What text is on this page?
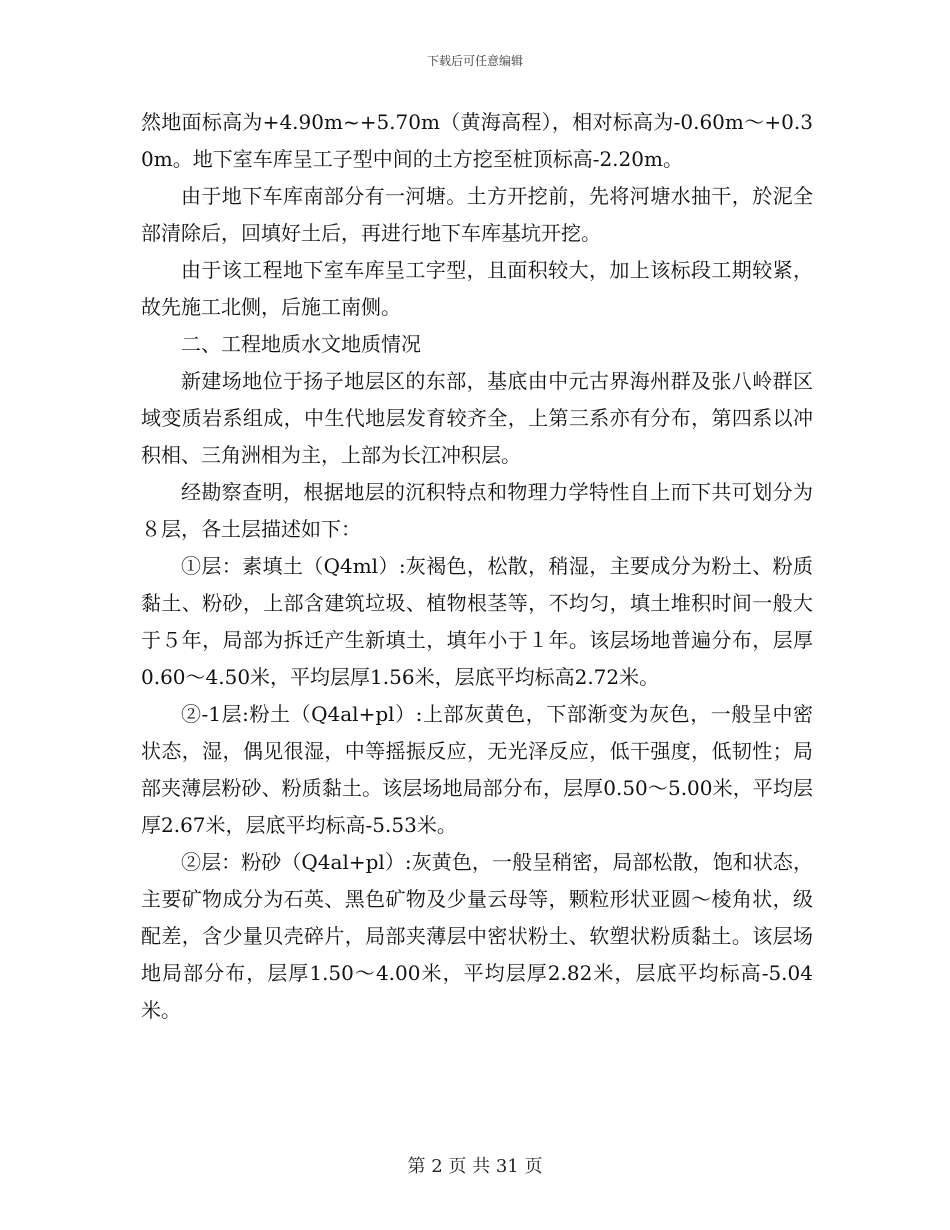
下载后可任意编辑

然地面标高为+4.90m~+5.70m（黄海高程），相对标高为-0.60m～+0.30m。地下室车库呈工子型中间的土方挖至桩顶标高-2.20m。

由于地下车库南部分有一河塘。土方开挖前，先将河塘水抽干，於泥全部清除后，回填好土后，再进行地下车库基坑开挖。

由于该工程地下室车库呈工字型，且面积较大，加上该标段工期较紧，故先施工北侧，后施工南侧。

二、工程地质水文地质情况

新建场地位于扬子地层区的东部，基底由中元古界海州群及张八岭群区域变质岩系组成，中生代地层发育较齐全，上第三系亦有分布，第四系以冲积相、三角洲相为主，上部为长江冲积层。

经勘察查明，根据地层的沉积特点和物理力学特性自上而下共可划分为８层，各土层描述如下：

①层：素填土（Q4ml）:灰褐色，松散，稍湿，主要成分为粉土、粉质黏土、粉砂，上部含建筑垃圾、植物根茎等，不均匀，填土堆积时间一般大于５年，局部为拆迁产生新填土，填年小于１年。该层场地普遍分布，层厚0.60～4.50米，平均层厚1.56米，层底平均标高2.72米。

②-1层:粉土（Q4al+pl）:上部灰黄色，下部渐变为灰色，一般呈中密状态，湿，偶见很湿，中等摇振反应，无光泽反应，低干强度，低韧性；局部夹薄层粉砂、粉质黏土。该层场地局部分布，层厚0.50～5.00米，平均层厚2.67米，层底平均标高-5.53米。

②层：粉砂（Q4al+pl）:灰黄色，一般呈稍密，局部松散，饱和状态，主要矿物成分为石英、黑色矿物及少量云母等，颗粒形状亚圆～棱角状，级配差，含少量贝壳碎片，局部夹薄层中密状粉土、软塑状粉质黏土。该层场地局部分布，层厚1.50～4.00米，平均层厚2.82米，层底平均标高-5.04米。

第 2 页 共 31 页
